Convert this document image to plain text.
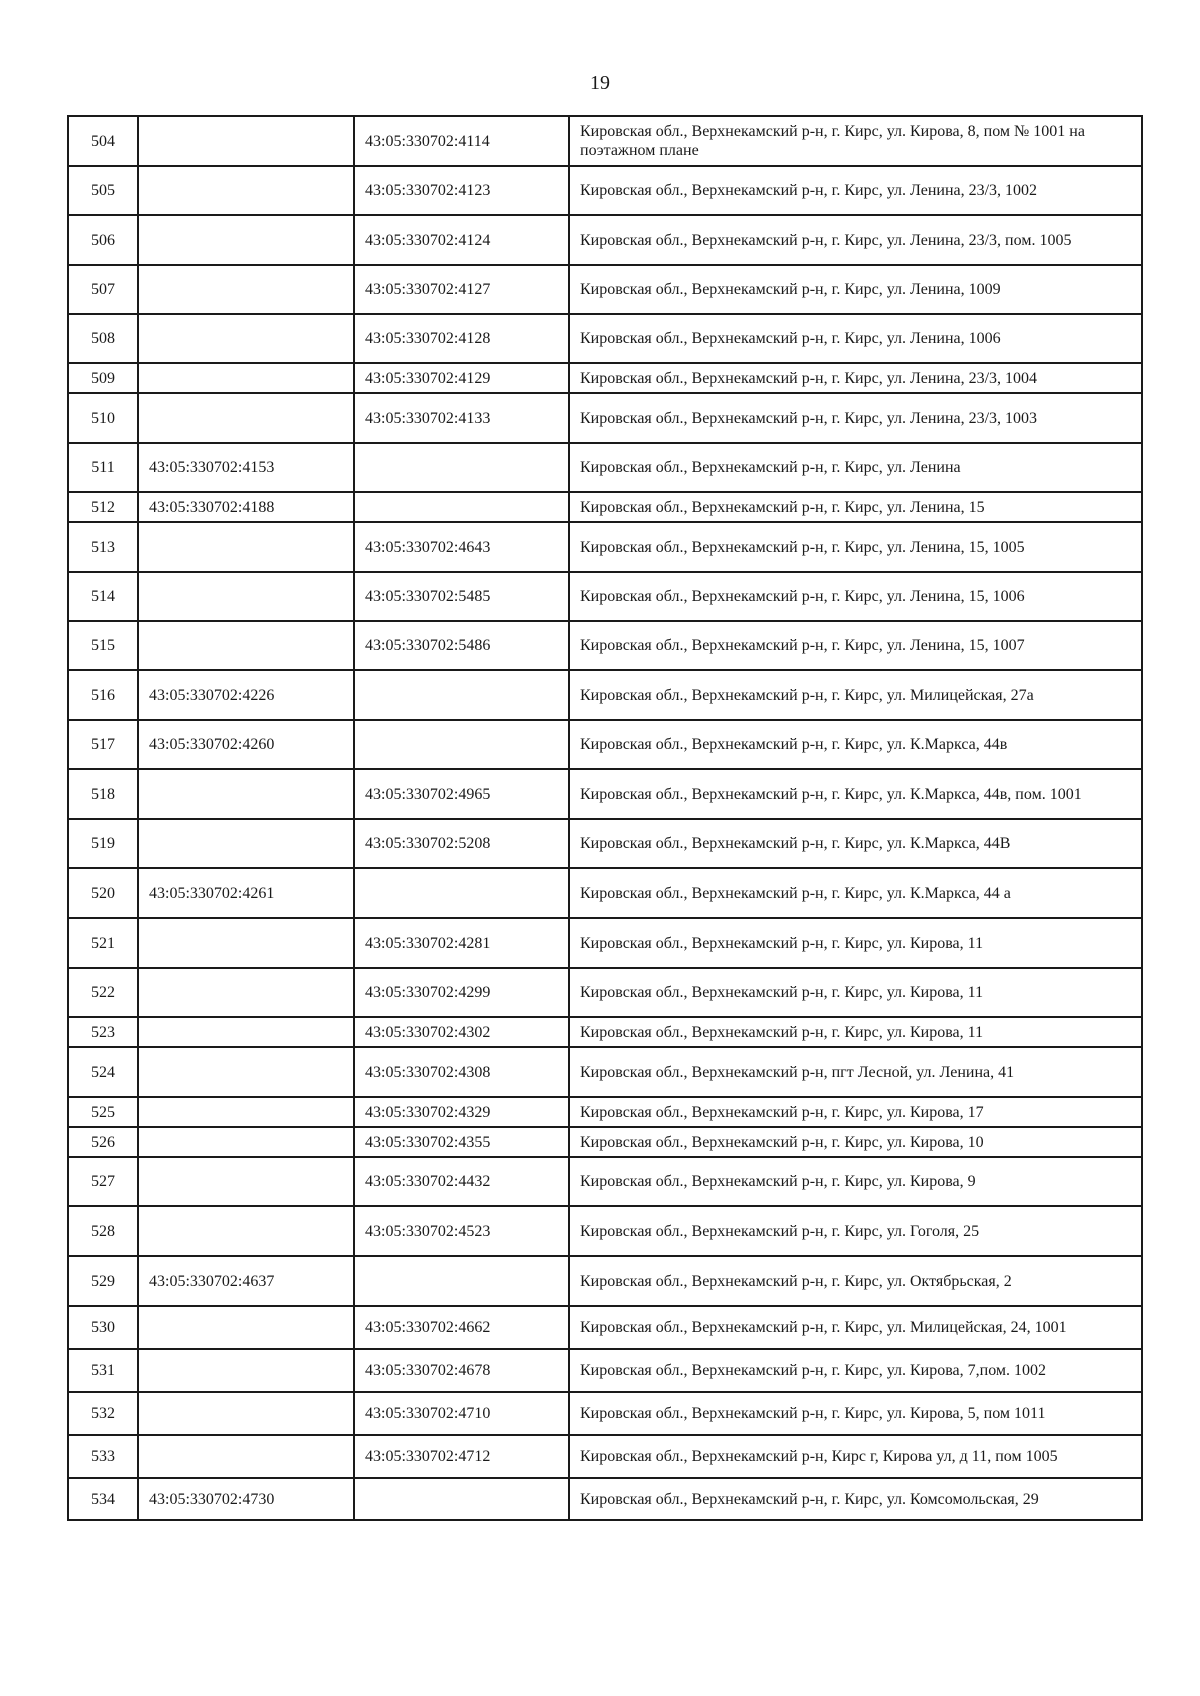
19
504		43:05:330702:4114	Кировская обл., Верхнекамский р-н, г. Кирс, ул. Кирова, 8, пом № 1001 на поэтажном плане
505		43:05:330702:4123	Кировская обл., Верхнекамский р-н, г. Кирс, ул. Ленина, 23/3, 1002
506		43:05:330702:4124	Кировская обл., Верхнекамский р-н, г. Кирс, ул. Ленина, 23/3, пом. 1005
507		43:05:330702:4127	Кировская обл., Верхнекамский р-н, г. Кирс, ул. Ленина, 1009
508		43:05:330702:4128	Кировская обл., Верхнекамский р-н, г. Кирс, ул. Ленина, 1006
509		43:05:330702:4129	Кировская обл., Верхнекамский р-н, г. Кирс, ул. Ленина, 23/3, 1004
510		43:05:330702:4133	Кировская обл., Верхнекамский р-н, г. Кирс, ул. Ленина, 23/3, 1003
511	43:05:330702:4153		Кировская обл., Верхнекамский р-н, г. Кирс, ул. Ленина
512	43:05:330702:4188		Кировская обл., Верхнекамский р-н, г. Кирс, ул. Ленина, 15
513		43:05:330702:4643	Кировская обл., Верхнекамский р-н, г. Кирс, ул. Ленина, 15, 1005
514		43:05:330702:5485	Кировская обл., Верхнекамский р-н, г. Кирс, ул. Ленина, 15, 1006
515		43:05:330702:5486	Кировская обл., Верхнекамский р-н, г. Кирс, ул. Ленина, 15, 1007
516	43:05:330702:4226		Кировская обл., Верхнекамский р-н, г. Кирс, ул. Милицейская, 27а
517	43:05:330702:4260		Кировская обл., Верхнекамский р-н, г. Кирс, ул. К.Маркса, 44в
518		43:05:330702:4965	Кировская обл., Верхнекамский р-н, г. Кирс, ул. К.Маркса, 44в, пом. 1001
519		43:05:330702:5208	Кировская обл., Верхнекамский р-н, г. Кирс, ул. К.Маркса, 44В
520	43:05:330702:4261		Кировская обл., Верхнекамский р-н, г. Кирс, ул. К.Маркса, 44 а
521		43:05:330702:4281	Кировская обл., Верхнекамский р-н, г. Кирс, ул. Кирова, 11
522		43:05:330702:4299	Кировская обл., Верхнекамский р-н, г. Кирс, ул. Кирова, 11
523		43:05:330702:4302	Кировская обл., Верхнекамский р-н, г. Кирс, ул. Кирова, 11
524		43:05:330702:4308	Кировская обл., Верхнекамский р-н, пгт Лесной, ул. Ленина, 41
525		43:05:330702:4329	Кировская обл., Верхнекамский р-н, г. Кирс, ул. Кирова, 17
526		43:05:330702:4355	Кировская обл., Верхнекамский р-н, г. Кирс, ул. Кирова, 10
527		43:05:330702:4432	Кировская обл., Верхнекамский р-н, г. Кирс, ул. Кирова, 9
528		43:05:330702:4523	Кировская обл., Верхнекамский р-н, г. Кирс, ул. Гоголя, 25
529	43:05:330702:4637		Кировская обл., Верхнекамский р-н, г. Кирс, ул. Октябрьская, 2
530		43:05:330702:4662	Кировская обл., Верхнекамский р-н, г. Кирс, ул. Милицейская, 24, 1001
531		43:05:330702:4678	Кировская обл., Верхнекамский р-н, г. Кирс, ул. Кирова, 7,пом. 1002
532		43:05:330702:4710	Кировская обл., Верхнекамский р-н, г. Кирс, ул. Кирова, 5, пом 1011
533		43:05:330702:4712	Кировская обл., Верхнекамский р-н, Кирс г, Кирова ул, д 11, пом 1005
534	43:05:330702:4730		Кировская обл., Верхнекамский р-н, г. Кирс, ул. Комсомольская, 29
